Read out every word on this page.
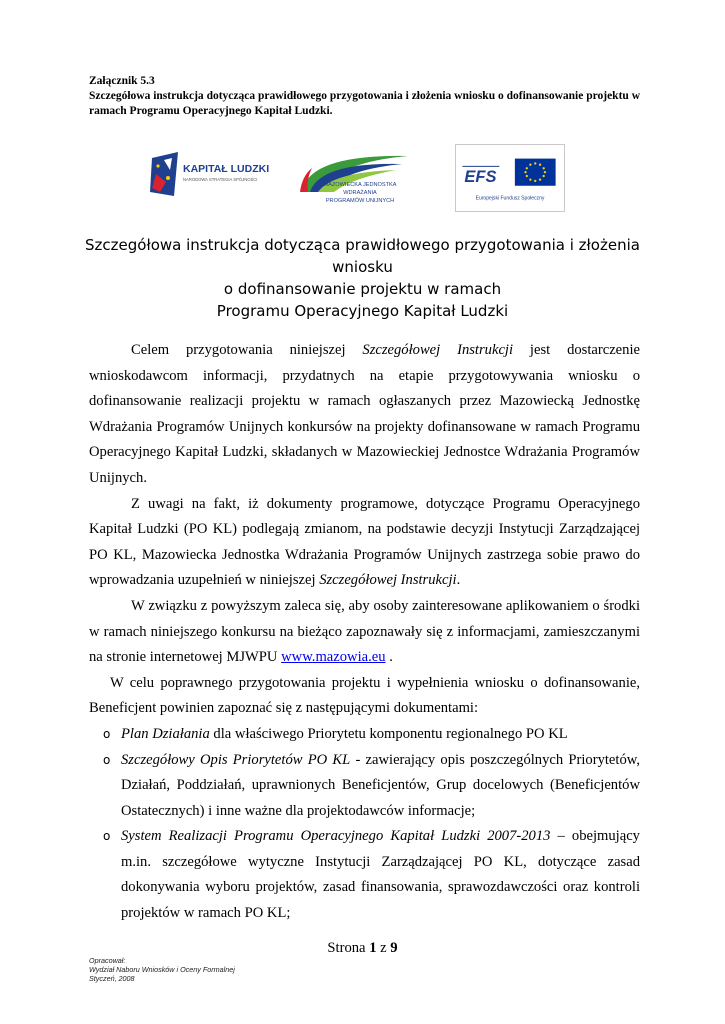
Załącznik 5.3
Szczegółowa instrukcja dotycząca prawidłowego przygotowania i złożenia wniosku o dofinansowanie projektu w ramach Programu Operacyjnego Kapitał Ludzki.
KAPITAŁ LUDZKI
NARODOWA STRATEGIA SPÓJNOŚCI
MAZOWIECKA JEDNOSTKA
WDRAŻANIA
PROGRAMÓW UNIJNYCH
EFS
Europejski Fundusz Społeczny
Szczegółowa instrukcja dotycząca prawidłowego przygotowania i złożenia wniosku
o dofinansowanie projektu w ramach
Programu Operacyjnego Kapitał Ludzki

Celem przygotowania niniejszej Szczegółowej Instrukcji jest dostarczenie wnioskodawcom informacji, przydatnych na etapie przygotowywania wniosku o dofinansowanie realizacji projektu w ramach ogłaszanych przez Mazowiecką Jednostkę Wdrażania Programów Unijnych konkursów na projekty dofinansowane w ramach Programu Operacyjnego Kapitał Ludzki, składanych w Mazowieckiej Jednostce Wdrażania Programów Unijnych.

Z uwagi na fakt, iż dokumenty programowe, dotyczące Programu Operacyjnego Kapitał Ludzki (PO KL) podlegają zmianom, na podstawie decyzji Instytucji Zarządzającej PO KL, Mazowiecka Jednostka Wdrażania Programów Unijnych zastrzega sobie prawo do wprowadzania uzupełnień w niniejszej Szczegółowej Instrukcji.

W związku z powyższym zaleca się, aby osoby zainteresowane aplikowaniem o środki w ramach niniejszego konkursu na bieżąco zapoznawały się z informacjami, zamieszczanymi na stronie internetowej MJWPU www.mazowia.eu .

W celu poprawnego przygotowania projektu i wypełnienia wniosku o dofinansowanie, Beneficjent powinien zapoznać się z następującymi dokumentami:

o Plan Działania dla właściwego Priorytetu komponentu regionalnego PO KL
o Szczegółowy Opis Priorytetów PO KL - zawierający opis poszczególnych Priorytetów, Działań, Poddziałań, uprawnionych Beneficjentów, Grup docelowych (Beneficjentów Ostatecznych) i inne ważne dla projektodawców informacje;
o System Realizacji Programu Operacyjnego Kapitał Ludzki 2007-2013 – obejmujący m.in. szczegółowe wytyczne Instytucji Zarządzającej PO KL, dotyczące zasad dokonywania wyboru projektów, zasad finansowania, sprawozdawczości oraz kontroli projektów w ramach PO KL;
Strona 1 z 9
Opracował:
Wydział Naboru Wniosków i Oceny Formalnej
Styczeń, 2008
